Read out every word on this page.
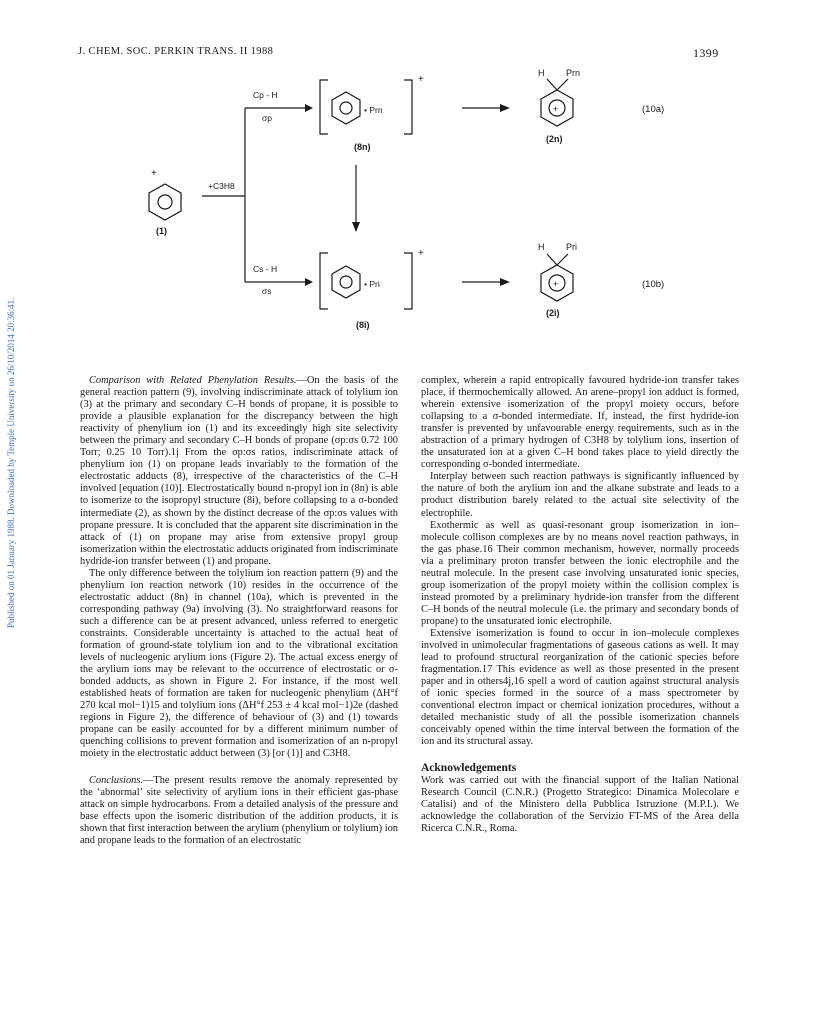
J. CHEM. SOC. PERKIN TRANS. II 1988	1399
Published on 01 January 1988. Downloaded by Temple University on 26/10/2014 20:36:41.
+
(1)
+C3H8
Cp - H
σp
Cs - H
σs
+
• Prn
(8n)
+
• Pri
(8i)
+
H Prn
(2n)
(10a)
+
H Pri
(2i)
(10b)

Comparison with Related Phenylation Results.—On the basis of the general reaction pattern (9), involving indiscriminate attack of tolylium ion (3) at the primary and secondary C–H bonds of propane, it is possible to provide a plausible explanation for the discrepancy between the high reactivity of phenylium ion (1) and its exceedingly high site selectivity between the primary and secondary C–H bonds of propane (σp:σs 0.72 100 Torr; 0.25 10 Torr).1j From the σp:σs ratios, indiscriminate attack of phenylium ion (1) on propane leads invariably to the formation of the electrostatic adducts (8), irrespective of the characteristics of the C–H involved [equation (10)]. Electrostatically bound n-propyl ion in (8n) is able to isomerize to the isopropyl structure (8i), before collapsing to a σ-bonded intermediate (2), as shown by the distinct decrease of the σp:σs values with propane pressure. It is concluded that the apparent site discrimination in the attack of (1) on propane may arise from extensive propyl group isomerization within the electrostatic adducts originated from indiscriminate hydride-ion transfer between (1) and propane.

The only difference between the tolylium ion reaction pattern (9) and the phenylium ion reaction network (10) resides in the occurrence of the electrostatic adduct (8n) in channel (10a), which is prevented in the corresponding pathway (9a) involving (3). No straightforward reasons for such a difference can be at present advanced, unless referred to energetic constraints. Considerable uncertainty is attached to the actual heat of formation of ground-state tolylium ion and to the vibrational excitation levels of nucleogenic arylium ions (Figure 2). The actual excess energy of the arylium ions may be relevant to the occurrence of electrostatic or σ-bonded adducts, as shown in Figure 2. For instance, if the most well established heats of formation are taken for nucleogenic phenylium (ΔH°f 270 kcal mol−1)15 and tolylium ions (ΔH°f 253 ± 4 kcal mol−1)2e (dashed regions in Figure 2), the difference of behaviour of (3) and (1) towards propane can be easily accounted for by a different minimum number of quenching collisions to prevent formation and isomerization of an n-propyl moiety in the electrostatic adduct between (3) [or (1)] and C3H8.

Conclusions.—The present results remove the anomaly represented by the ‘abnormal’ site selectivity of arylium ions in their efficient gas-phase attack on simple hydrocarbons. From a detailed analysis of the pressure and base effects upon the isomeric distribution of the addition products, it is shown that first interaction between the arylium (phenylium or tolylium) ion and propane leads to the formation of an electrostatic

complex, wherein a rapid entropically favoured hydride-ion transfer takes place, if thermochemically allowed. An arene–propyl ion adduct is formed, wherein extensive isomerization of the propyl moiety occurs, before collapsing to a σ-bonded intermediate. If, instead, the first hydride-ion transfer is prevented by unfavourable energy requirements, such as in the abstraction of a primary hydrogen of C3H8 by tolylium ions, insertion of the unsaturated ion at a given C–H bond takes place to yield directly the corresponding σ-bonded intermediate.

Interplay between such reaction pathways is significantly influenced by the nature of both the arylium ion and the alkane substrate and leads to a product distribution barely related to the actual site selectivity of the electrophile.

Exothermic as well as quasi-resonant group isomerization in ion–molecule collison complexes are by no means novel reaction pathways, in the gas phase.16 Their common mechanism, however, normally proceeds via a preliminary proton transfer between the ionic electrophile and the neutral molecule. In the present case involving unsaturated ionic species, group isomerization of the propyl moiety within the collision complex is instead promoted by a preliminary hydride-ion transfer from the different C–H bonds of the neutral molecule (i.e. the primary and secondary bonds of propane) to the unsaturated ionic electrophile.

Extensive isomerization is found to occur in ion–molecule complexes involved in unimolecular fragmentations of gaseous cations as well. It may lead to profound structural reorganization of the cationic species before fragmentation.17 This evidence as well as those presented in the present paper and in others4j,16 spell a word of caution against structural analysis of ionic species formed in the source of a mass spectrometer by conventional electron impact or chemical ionization procedures, without a detailed mechanistic study of all the possible isomerization channels conceivably opened within the time interval between the formation of the ion and its structural assay.

Acknowledgements

Work was carried out with the financial support of the Italian National Research Council (C.N.R.) (Progetto Strategico: Dinamica Molecolare e Catalisi) and of the Ministero della Pubblica Istruzione (M.P.I.). We acknowledge the collaboration of the Servizio FT-MS of the Area della Ricerca C.N.R., Roma.
